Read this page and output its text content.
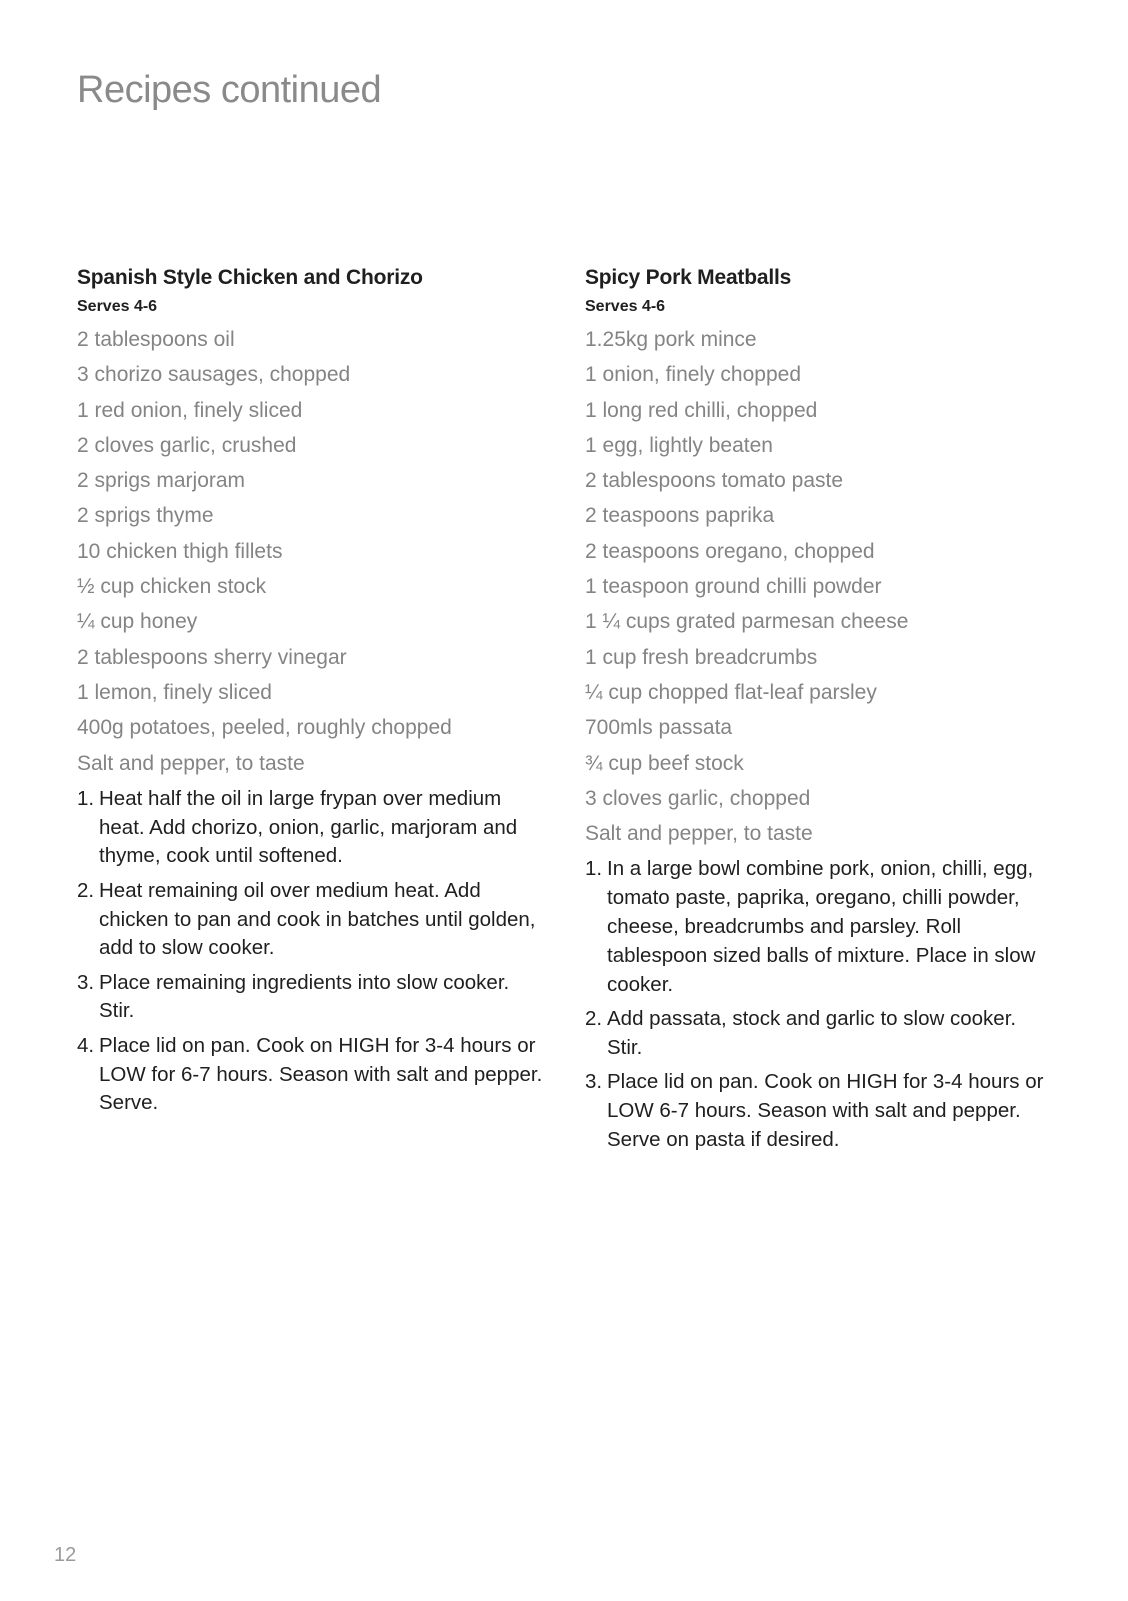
Recipes continued
Spanish Style Chicken and Chorizo

Serves 4-6

2 tablespoons oil
3 chorizo sausages, chopped
1 red onion, finely sliced
2 cloves garlic, crushed
2 sprigs marjoram
2 sprigs thyme
10 chicken thigh fillets
½ cup chicken stock
¼ cup honey
2 tablespoons sherry vinegar
1 lemon, finely sliced
400g potatoes, peeled, roughly chopped
Salt and pepper, to taste
1. Heat half the oil in large frypan over medium heat. Add chorizo, onion, garlic, marjoram and thyme, cook until softened.
2. Heat remaining oil over medium heat. Add chicken to pan and cook in batches until golden, add to slow cooker.
3. Place remaining ingredients into slow cooker. Stir.
4. Place lid on pan. Cook on HIGH for 3-4 hours or LOW for 6-7 hours. Season with salt and pepper. Serve.
Spicy Pork Meatballs

Serves 4-6

1.25kg pork mince
1 onion, finely chopped
1 long red chilli, chopped
1 egg, lightly beaten
2 tablespoons tomato paste
2 teaspoons paprika
2 teaspoons oregano, chopped
1 teaspoon ground chilli powder
1 ¼ cups grated parmesan cheese
1 cup fresh breadcrumbs
¼ cup chopped flat-leaf parsley
700mls passata
¾ cup beef stock
3 cloves garlic, chopped
Salt and pepper, to taste
1. In a large bowl combine pork, onion, chilli, egg, tomato paste, paprika, oregano, chilli powder, cheese, breadcrumbs and parsley. Roll tablespoon sized balls of mixture. Place in slow cooker.
2. Add passata, stock and garlic to slow cooker. Stir.
3. Place lid on pan. Cook on HIGH for 3-4 hours or LOW 6-7 hours. Season with salt and pepper. Serve on pasta if desired.
12
